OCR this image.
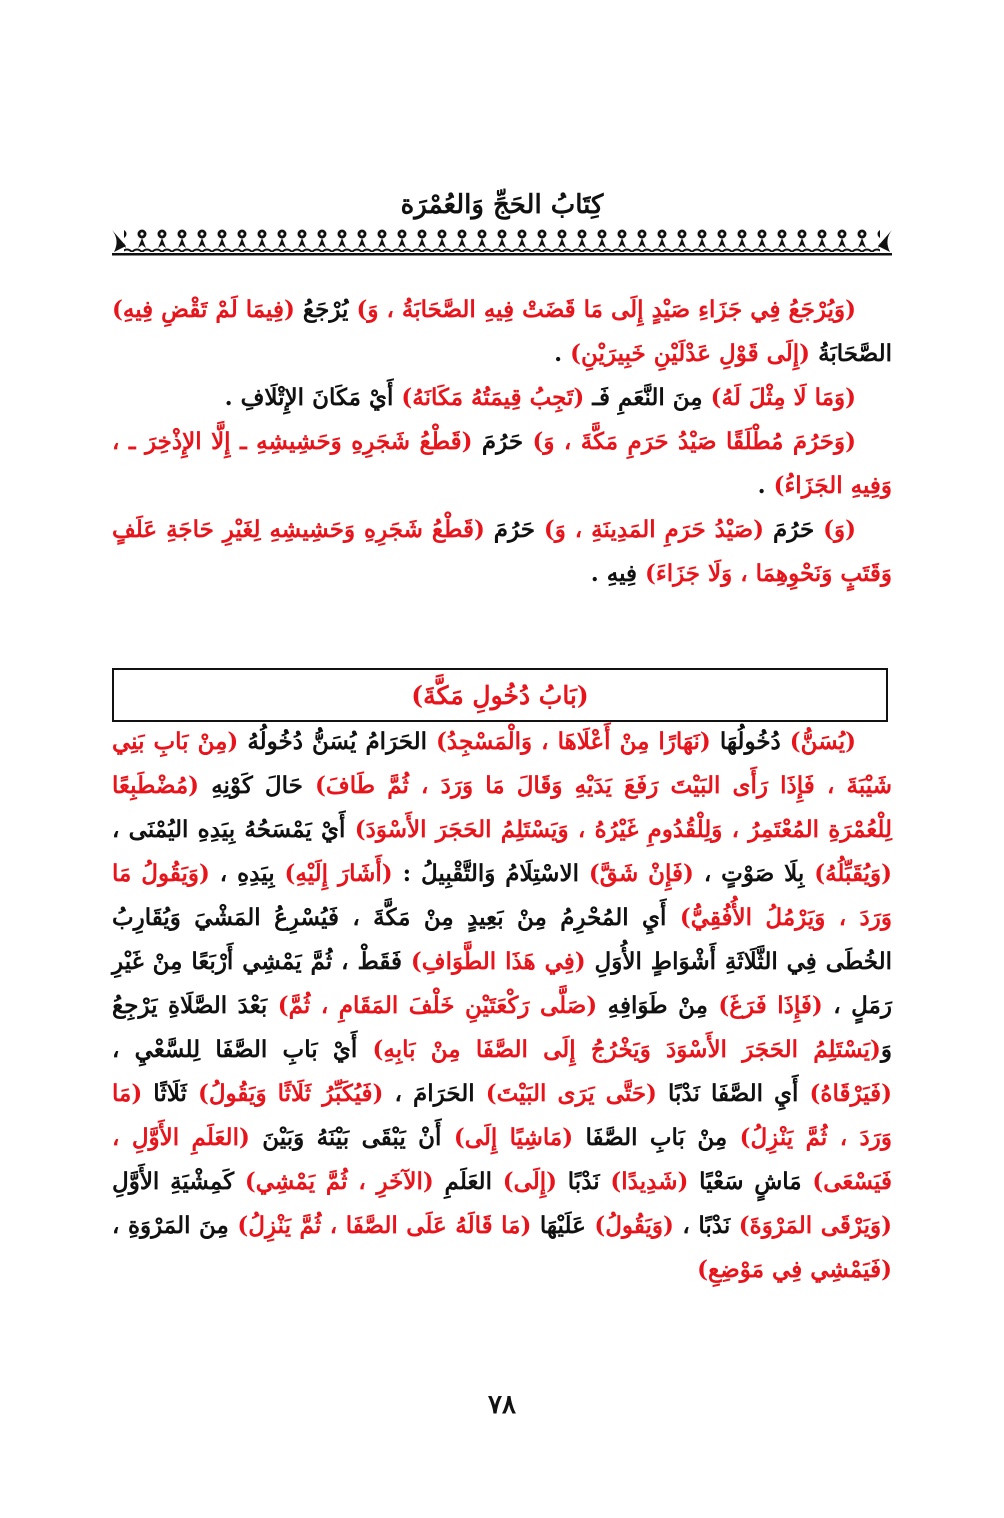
كِتَابُ الحَجِّ وَالعُمْرَة

(وَيُرْجَعُ فِي جَزَاءِ صَيْدٍ إِلَى مَا قَضَتْ فِيهِ الصَّحَابَةُ ، وَ) يُرْجَعُ (فِيمَا لَمْ تَقْضِ فِيهِ) الصَّحَابَةُ (إِلَى قَوْلِ عَدْلَيْنِ خَبِيرَيْنِ) .

(وَمَا لَا مِثْلَ لَهُ) مِنَ النَّعَمِ فَـ (تَجِبُ قِيمَتُهُ مَكَانَهُ) أَيْ مَكَانَ الإِتْلَافِ .

(وَحَرُمَ مُطْلَقًا صَيْدُ حَرَمِ مَكَّةَ ، وَ) حَرُمَ (قَطْعُ شَجَرِهِ وَحَشِيشِهِ ـ إِلَّا الإِذْخِرَ ـ ، وَفِيهِ الجَزَاءُ) .

(وَ) حَرُمَ (صَيْدُ حَرَمِ المَدِينَةِ ، وَ) حَرُمَ (قَطْعُ شَجَرِهِ وَحَشِيشِهِ لِغَيْرِ حَاجَةِ عَلَفٍ وَقَتَبٍ وَنَحْوِهِمَا ، وَلَا جَزَاءَ) فِيهِ .

(بَابُ دُخُولِ مَكَّةَ)

(يُسَنُّ) دُخُولُهَا (نَهَارًا مِنْ أَعْلَاهَا ، وَالْمَسْجِدُ) الحَرَامُ يُسَنُّ دُخُولُهُ (مِنْ بَابِ بَنِي شَيْبَةَ ، فَإِذَا رَأَى البَيْتَ رَفَعَ يَدَيْهِ وَقَالَ مَا وَرَدَ ، ثُمَّ طَافَ) حَالَ كَوْنِهِ (مُضْطَبِعًا لِلْعُمْرَةِ المُعْتَمِرُ ، وَلِلْقُدُومِ غَيْرُهُ ، وَيَسْتَلِمُ الحَجَرَ الأَسْوَدَ) أَيْ يَمْسَحُهُ بِيَدِهِ اليُمْنَى ، (وَيُقَبِّلُهُ) بِلَا صَوْتٍ ، (فَإِنْ شَقَّ) الاسْتِلَامُ وَالتَّقْبِيلُ : (أَشَارَ إِلَيْهِ) بِيَدِهِ ، (وَيَقُولُ مَا وَرَدَ ، وَيَرْمُلُ الأُفُقِيُّ) أَيِ المُحْرِمُ مِنْ بَعِيدٍ مِنْ مَكَّةَ ، فَيُسْرِعُ المَشْيَ وَيُقَارِبُ الخُطَى فِي الثَّلَاثَةِ أَشْوَاطٍ الأُوَلِ (فِي هَذَا الطَّوَافِ) فَقَطْ ، ثُمَّ يَمْشِي أَرْبَعًا مِنْ غَيْرِ رَمَلٍ ، (فَإِذَا فَرَغَ) مِنْ طَوَافِهِ (صَلَّى رَكْعَتَيْنِ خَلْفَ المَقَامِ ، ثُمَّ) بَعْدَ الصَّلَاةِ يَرْجِعُ وَ(يَسْتَلِمُ الحَجَرَ الأَسْوَدَ وَيَخْرُجُ إِلَى الصَّفَا مِنْ بَابِهِ) أَيْ بَابِ الصَّفَا لِلسَّعْيِ ، (فَيَرْقَاهُ) أَيِ الصَّفَا نَدْبًا (حَتَّى يَرَى البَيْتَ) الحَرَامَ ، (فَيُكَبِّرُ ثَلَاثًا وَيَقُولُ) ثَلَاثًا (مَا وَرَدَ ، ثُمَّ يَنْزِلُ) مِنْ بَابِ الصَّفَا (مَاشِيًا إِلَى) أَنْ يَبْقَى بَيْنَهُ وَبَيْنَ (العَلَمِ الأَوَّلِ ، فَيَسْعَى) مَاشٍ سَعْيًا (شَدِيدًا) نَدْبًا (إِلَى) العَلَمِ (الآخَرِ ، ثُمَّ يَمْشِي) كَمِشْيَةِ الأَوَّلِ (وَيَرْقَى المَرْوَةَ) نَدْبًا ، (وَيَقُولُ) عَلَيْهَا (مَا قَالَهُ عَلَى الصَّفَا ، ثُمَّ يَنْزِلُ) مِنَ المَرْوَةِ ، (فَيَمْشِي فِي مَوْضِعِ)

٧٨
